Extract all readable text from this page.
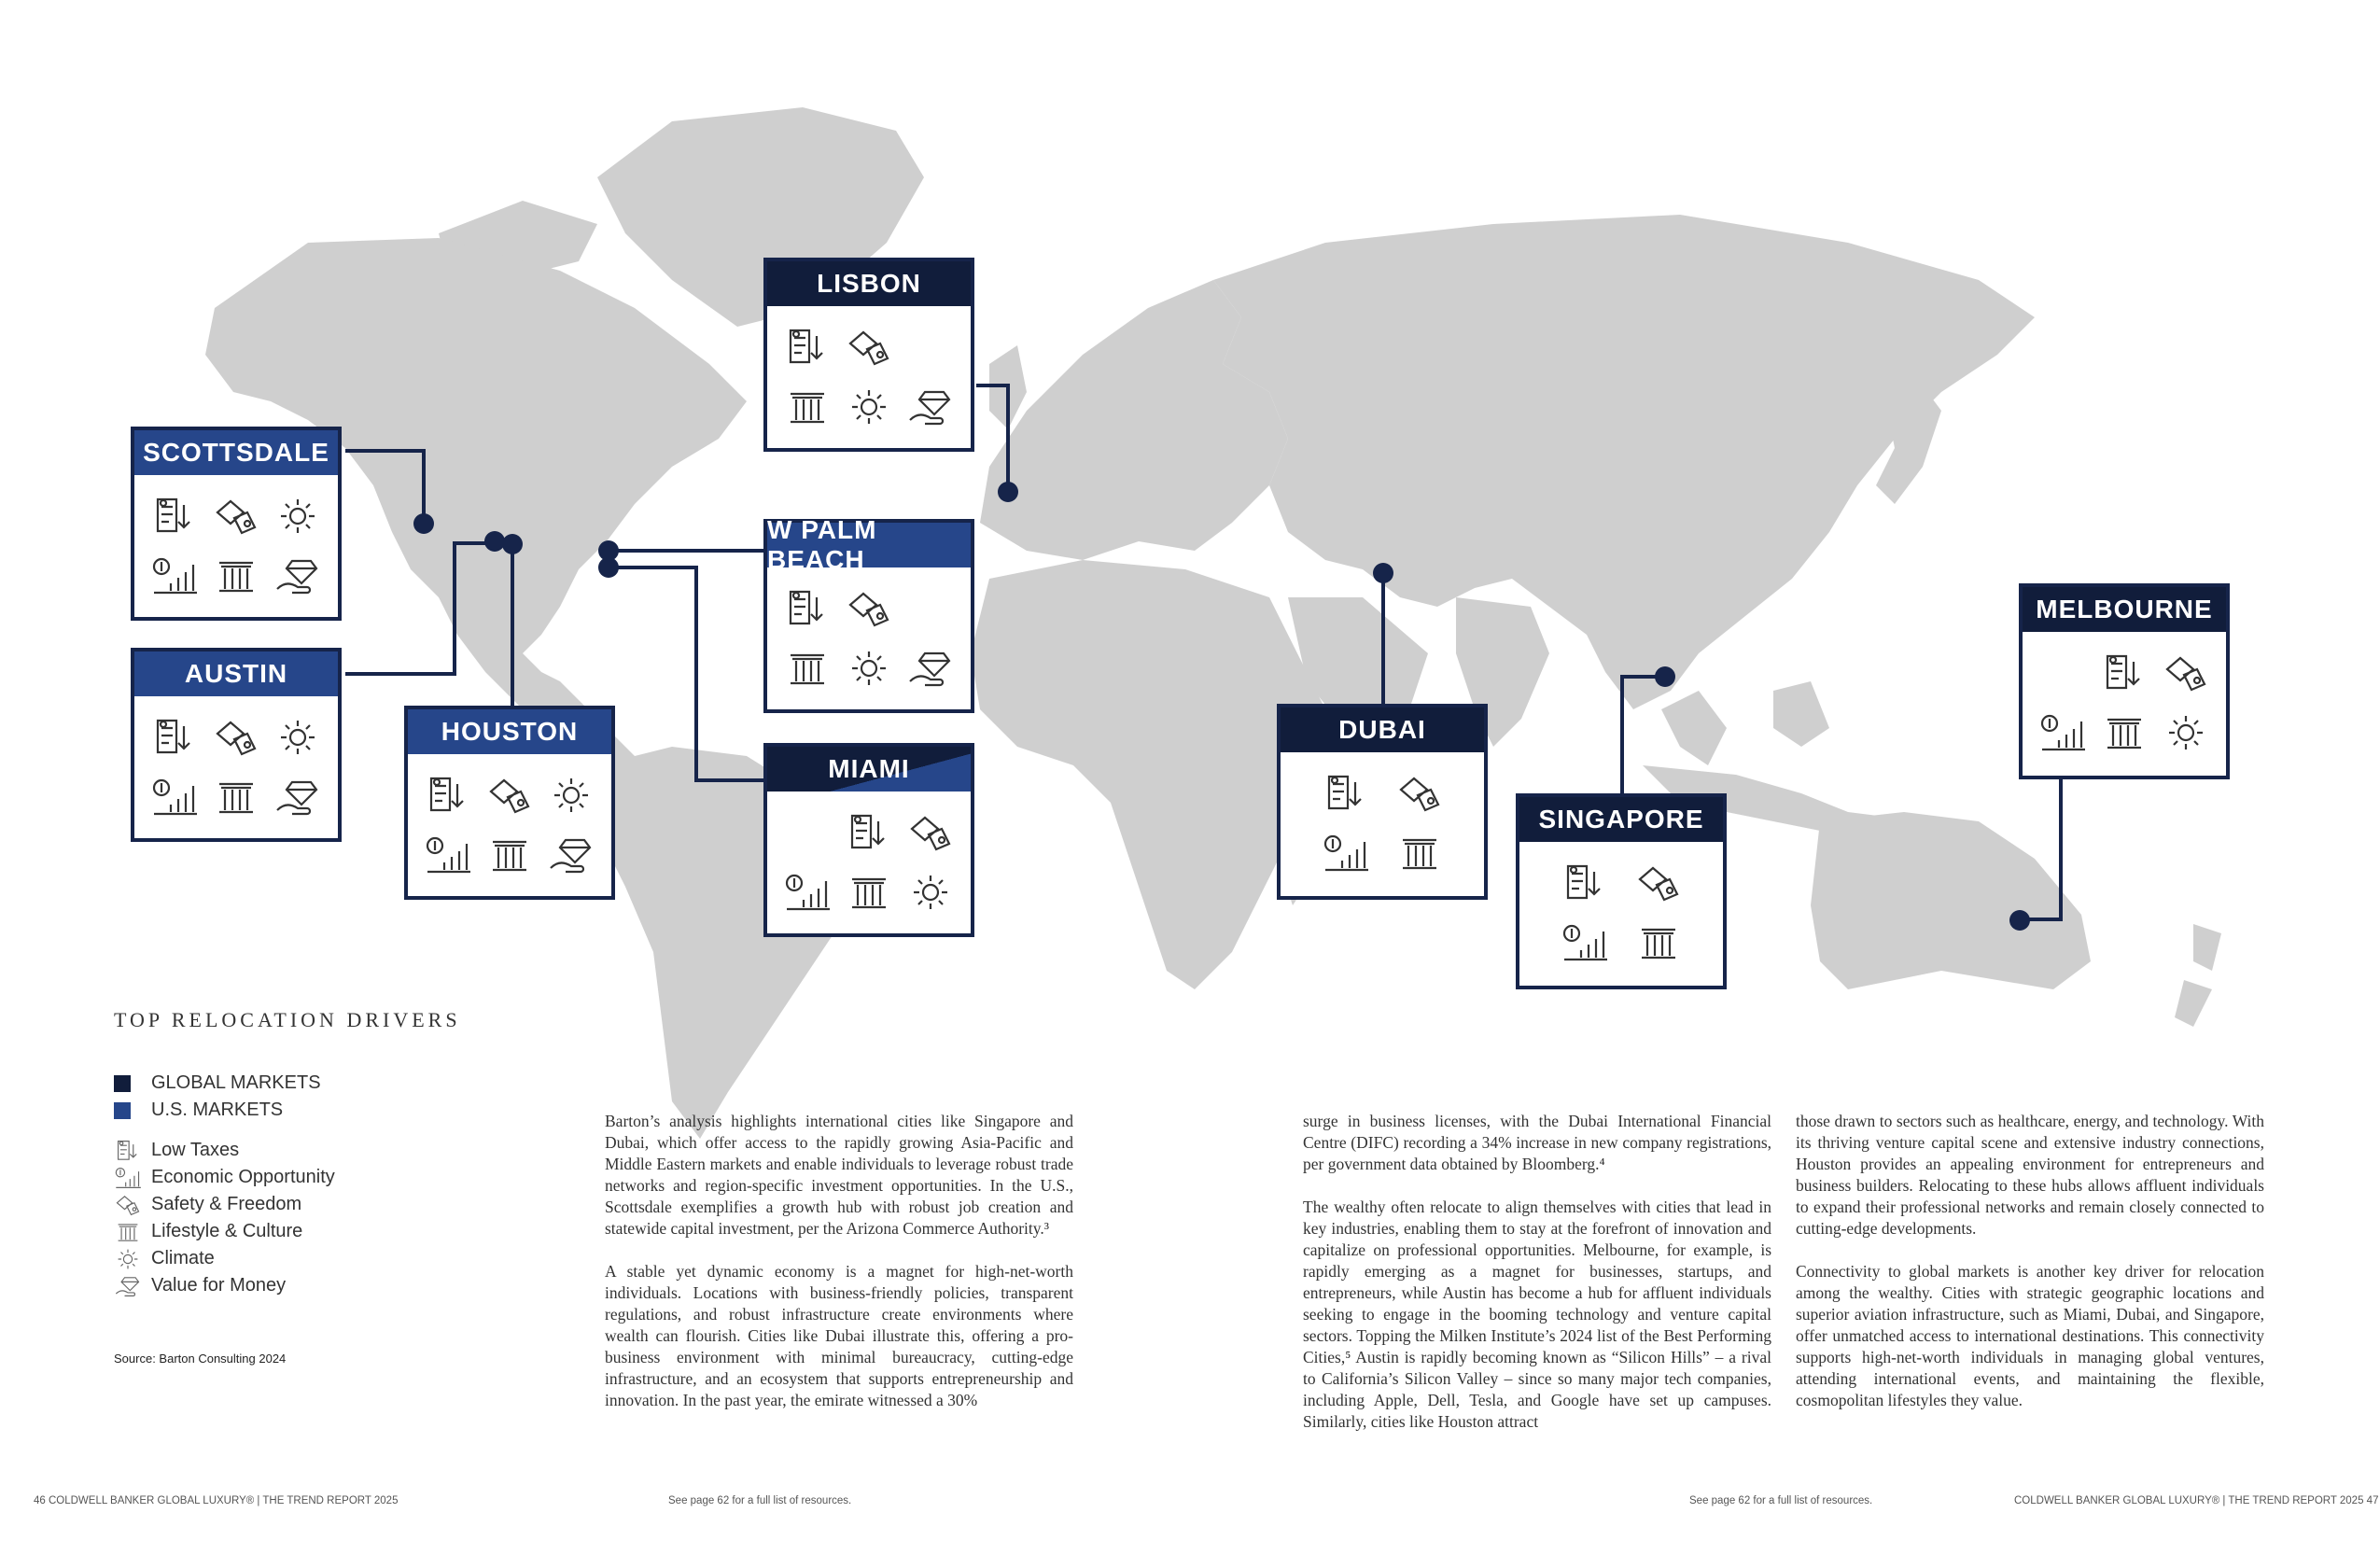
LISBON
SCOTTSDALE
W PALM BEACH
AUSTIN
HOUSTON
MIAMI
DUBAI
SINGAPORE
MELBOURNE
TOP RELOCATION DRIVERS
GLOBAL MARKETS
U.S. MARKETS
Low Taxes
Economic Opportunity
Safety & Freedom
Lifestyle & Culture
Climate
Value for Money
Source: Barton Consulting 2024

Barton’s analysis highlights international cities like Singapore and Dubai, which offer access to the rapidly growing Asia-Pacific and Middle Eastern markets and enable individuals to leverage robust trade networks and region-specific investment opportunities. In the U.S., Scottsdale exemplifies a growth hub with robust job creation and statewide capital investment, per the Arizona Commerce Authority.³

A stable yet dynamic economy is a magnet for high-net-worth individuals. Locations with business-friendly policies, transparent regulations, and robust infrastructure create environments where wealth can flourish. Cities like Dubai illustrate this, offering a pro-business environment with minimal bureaucracy, cutting-edge infrastructure, and an ecosystem that supports entrepreneurship and innovation. In the past year, the emirate witnessed a 30%

surge in business licenses, with the Dubai International Financial Centre (DIFC) recording a 34% increase in new company registrations, per government data obtained by Bloomberg.⁴

The wealthy often relocate to align themselves with cities that lead in key industries, enabling them to stay at the forefront of innovation and capitalize on professional opportunities. Melbourne, for example, is rapidly emerging as a magnet for businesses, startups, and entrepreneurs, while Austin has become a hub for affluent individuals seeking to engage in the booming technology and venture capital sectors. Topping the Milken Institute’s 2024 list of the Best Performing Cities,⁵ Austin is rapidly becoming known as “Silicon Hills” – a rival to California’s Silicon Valley – since so many major tech companies, including Apple, Dell, Tesla, and Google have set up campuses. Similarly, cities like Houston attract

those drawn to sectors such as healthcare, energy, and technology. With its thriving venture capital scene and extensive industry connections, Houston provides an appealing environment for entrepreneurs and business builders. Relocating to these hubs allows affluent individuals to expand their professional networks and remain closely connected to cutting-edge developments.

Connectivity to global markets is another key driver for relocation among the wealthy. Cities with strategic geographic locations and superior aviation infrastructure, such as Miami, Dubai, and Singapore, offer unmatched access to international destinations. This connectivity supports high-net-worth individuals in managing global ventures, attending international events, and maintaining the flexible, cosmopolitan lifestyles they value.

46 COLDWELL BANKER GLOBAL LUXURY® | THE TREND REPORT 2025	See page 62 for a full list of resources.	See page 62 for a full list of resources.	COLDWELL BANKER GLOBAL LUXURY® | THE TREND REPORT 2025 47
